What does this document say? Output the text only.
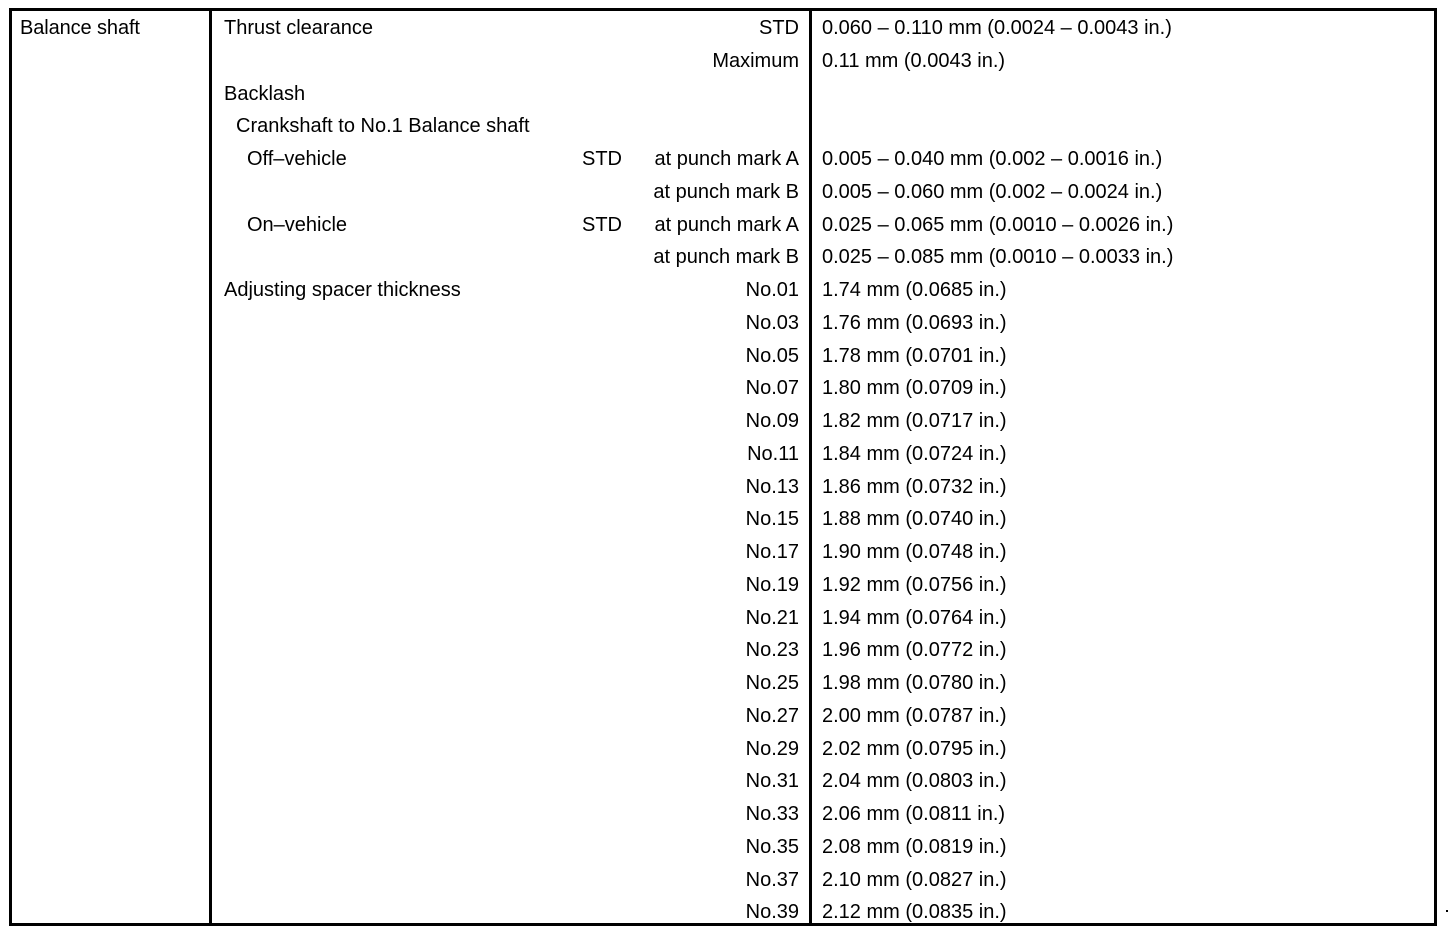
Balance shaft	Thrust clearance	STD 0.060 – 0.110 mm (0.0024 – 0.0043 in.)
Maximum 0.11 mm (0.0043 in.)
Backlash
Crankshaft to No.1 Balance shaft
Off–vehicle	STD at punch mark A 0.005 – 0.040 mm (0.002 – 0.0016 in.)
at punch mark B 0.005 – 0.060 mm (0.002 – 0.0024 in.)
On–vehicle	STD at punch mark A 0.025 – 0.065 mm (0.0010 – 0.0026 in.)
at punch mark B 0.025 – 0.085 mm (0.0010 – 0.0033 in.)
Adjusting spacer thickness	No.01 1.74 mm (0.0685 in.)
No.03 1.76 mm (0.0693 in.)
No.05 1.78 mm (0.0701 in.)
No.07 1.80 mm (0.0709 in.)
No.09 1.82 mm (0.0717 in.)
No.11 1.84 mm (0.0724 in.)
No.13 1.86 mm (0.0732 in.)
No.15 1.88 mm (0.0740 in.)
No.17 1.90 mm (0.0748 in.)
No.19 1.92 mm (0.0756 in.)
No.21 1.94 mm (0.0764 in.)
No.23 1.96 mm (0.0772 in.)
No.25 1.98 mm (0.0780 in.)
No.27 2.00 mm (0.0787 in.)
No.29 2.02 mm (0.0795 in.)
No.31 2.04 mm (0.0803 in.)
No.33 2.06 mm (0.0811 in.)
No.35 2.08 mm (0.0819 in.)
No.37 2.10 mm (0.0827 in.)
No.39 2.12 mm (0.0835 in.)
